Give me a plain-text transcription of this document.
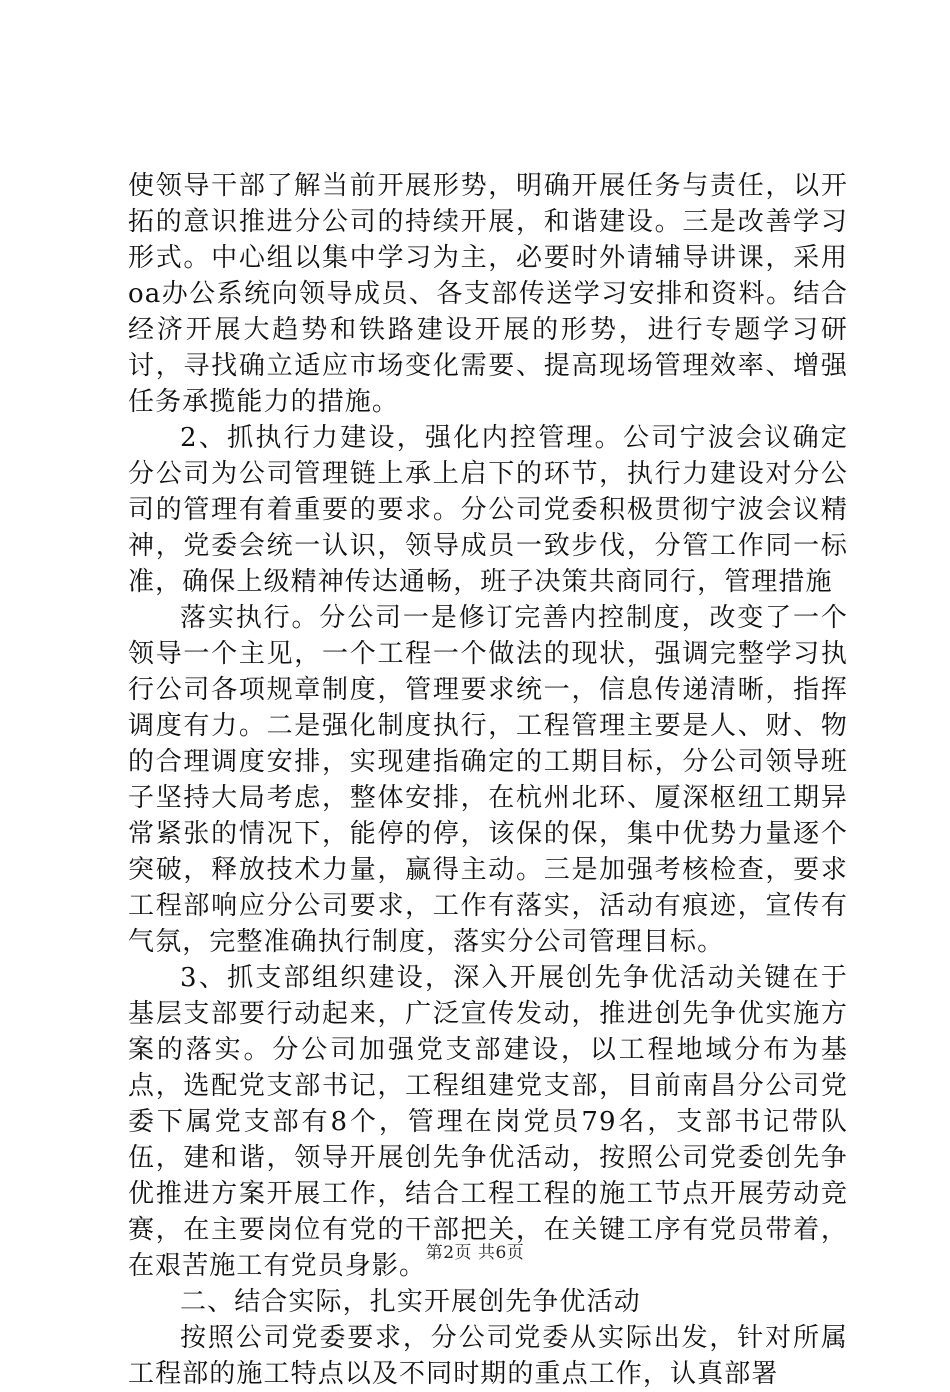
使领导干部了解当前开展形势，明确开展任务与责任，以开拓的意识推进分公司的持续开展，和谐建设。三是改善学习形式。中心组以集中学习为主，必要时外请辅导讲课，采用oa办公系统向领导成员、各支部传送学习安排和资料。结合经济开展大趋势和铁路建设开展的形势，进行专题学习研讨，寻找确立适应市场变化需要、提高现场管理效率、增强任务承揽能力的措施。

2、抓执行力建设，强化内控管理。公司宁波会议确定分公司为公司管理链上承上启下的环节，执行力建设对分公司的管理有着重要的要求。分公司党委积极贯彻宁波会议精神，党委会统一认识，领导成员一致步伐，分管工作同一标准，确保上级精神传达通畅，班子决策共商同行，管理措施

落实执行。分公司一是修订完善内控制度，改变了一个领导一个主见，一个工程一个做法的现状，强调完整学习执行公司各项规章制度，管理要求统一，信息传递清晰，指挥调度有力。二是强化制度执行，工程管理主要是人、财、物的合理调度安排，实现建指确定的工期目标，分公司领导班子坚持大局考虑，整体安排，在杭州北环、厦深枢纽工期异常紧张的情况下，能停的停，该保的保，集中优势力量逐个突破，释放技术力量，赢得主动。三是加强考核检查，要求工程部响应分公司要求，工作有落实，活动有痕迹，宣传有气氛，完整准确执行制度，落实分公司管理目标。

3、抓支部组织建设，深入开展创先争优活动关键在于基层支部要行动起来，广泛宣传发动，推进创先争优实施方案的落实。分公司加强党支部建设，以工程地域分布为基点，选配党支部书记，工程组建党支部，目前南昌分公司党委下属党支部有8个，管理在岗党员79名，支部书记带队伍，建和谐，领导开展创先争优活动，按照公司党委创先争优推进方案开展工作，结合工程工程的施工节点开展劳动竞赛，在主要岗位有党的干部把关，在关键工序有党员带着，在艰苦施工有党员身影。

二、结合实际，扎实开展创先争优活动

按照公司党委要求，分公司党委从实际出发，针对所属工程部的施工特点以及不同时期的重点工作，认真部署

第2页 共6页
